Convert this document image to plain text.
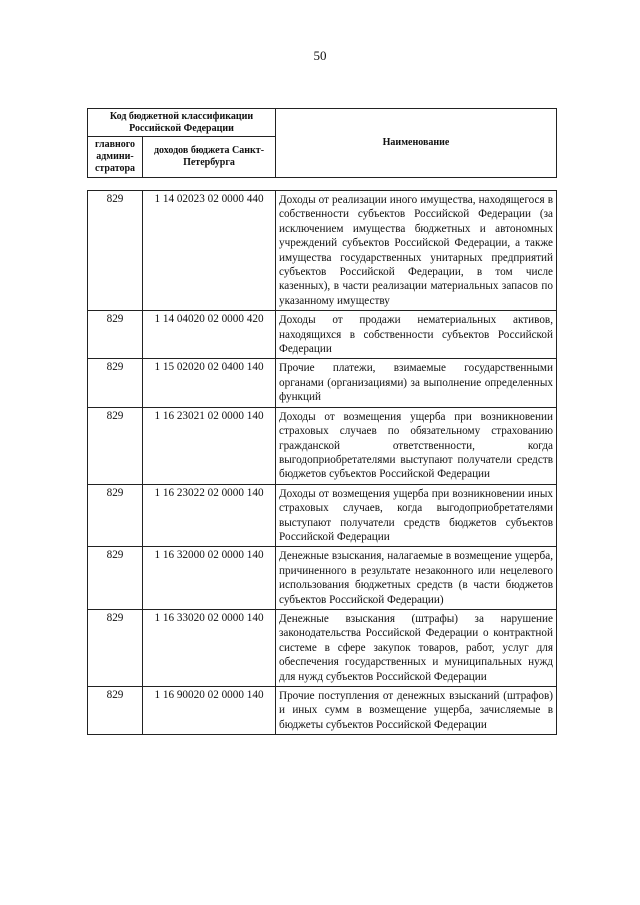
50
Код бюджетной классификации Российской Федерации		Наименование
главного админи-стратора	доходов бюджета Санкт-Петербурга	
829	1 14 02023 02 0000 440	Доходы от реализации иного имущества, находящегося в собственности субъектов Российской Федерации (за исключением имущества бюджетных и автономных учреждений субъектов Российской Федерации, а также имущества государственных унитарных предприятий субъектов Российской Федерации, в том числе казенных), в части реализации материальных запасов по указанному имуществу
829	1 14 04020 02 0000 420	Доходы от продажи нематериальных активов, находящихся в собственности субъектов Российской Федерации
829	1 15 02020 02 0400 140	Прочие платежи, взимаемые государственными органами (организациями) за выполнение определенных функций
829	1 16 23021 02 0000 140	Доходы от возмещения ущерба при возникновении страховых случаев по обязательному страхованию гражданской ответственности, когда выгодоприобретателями выступают получатели средств бюджетов субъектов Российской Федерации
829	1 16 23022 02 0000 140	Доходы от возмещения ущерба при возникновении иных страховых случаев, когда выгодоприобретателями выступают получатели средств бюджетов субъектов Российской Федерации
829	1 16 32000 02 0000 140	Денежные взыскания, налагаемые в возмещение ущерба, причиненного в результате незаконного или нецелевого использования бюджетных средств (в части бюджетов субъектов Российской Федерации)
829	1 16 33020 02 0000 140	Денежные взыскания (штрафы) за нарушение законодательства Российской Федерации о контрактной системе в сфере закупок товаров, работ, услуг для обеспечения государственных и муниципальных нужд для нужд субъектов Российской Федерации
829	1 16 90020 02 0000 140	Прочие поступления от денежных взысканий (штрафов) и иных сумм в возмещение ущерба, зачисляемые в бюджеты субъектов Российской Федерации
